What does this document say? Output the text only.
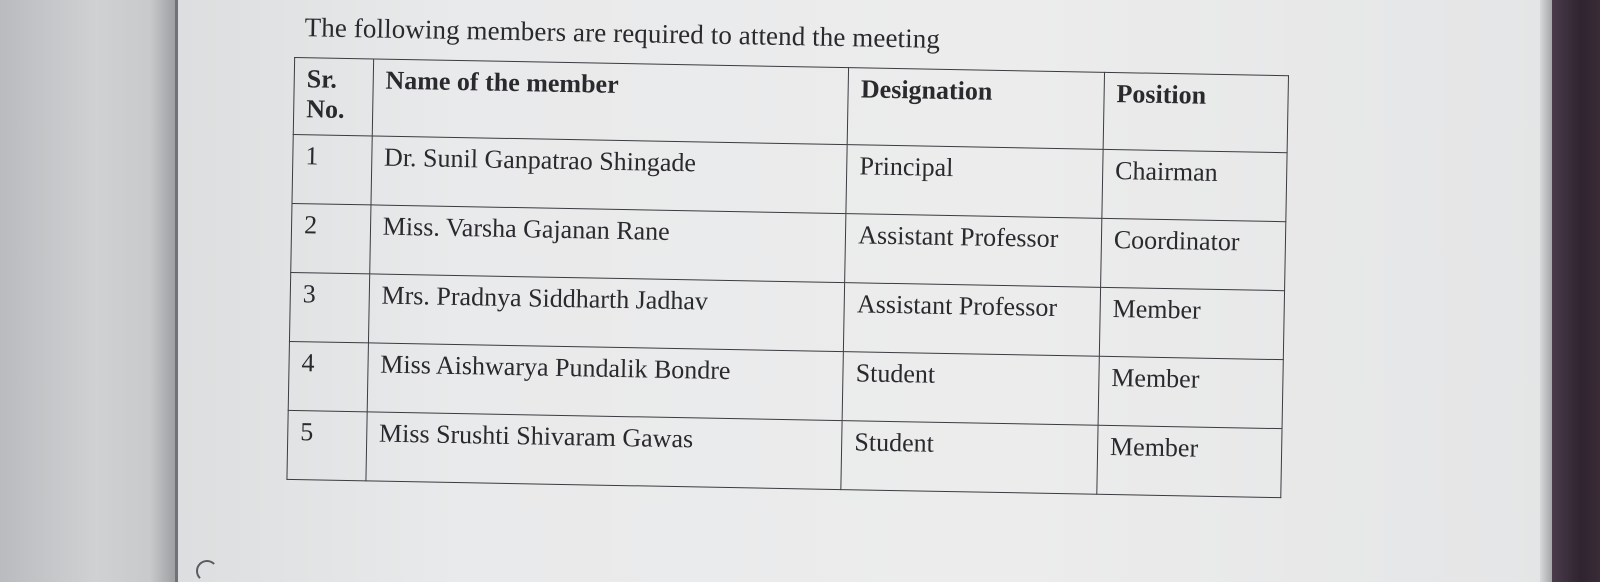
The following members are required to attend the meeting

Sr.
No.	Name of the member	Designation	Position
1	Dr. Sunil Ganpatrao Shingade	Principal	Chairman
2	Miss. Varsha Gajanan Rane	Assistant Professor	Coordinator
3	Mrs. Pradnya Siddharth Jadhav	Assistant Professor	Member
4	Miss Aishwarya Pundalik Bondre	Student	Member
5	Miss Srushti Shivaram Gawas	Student	Member
